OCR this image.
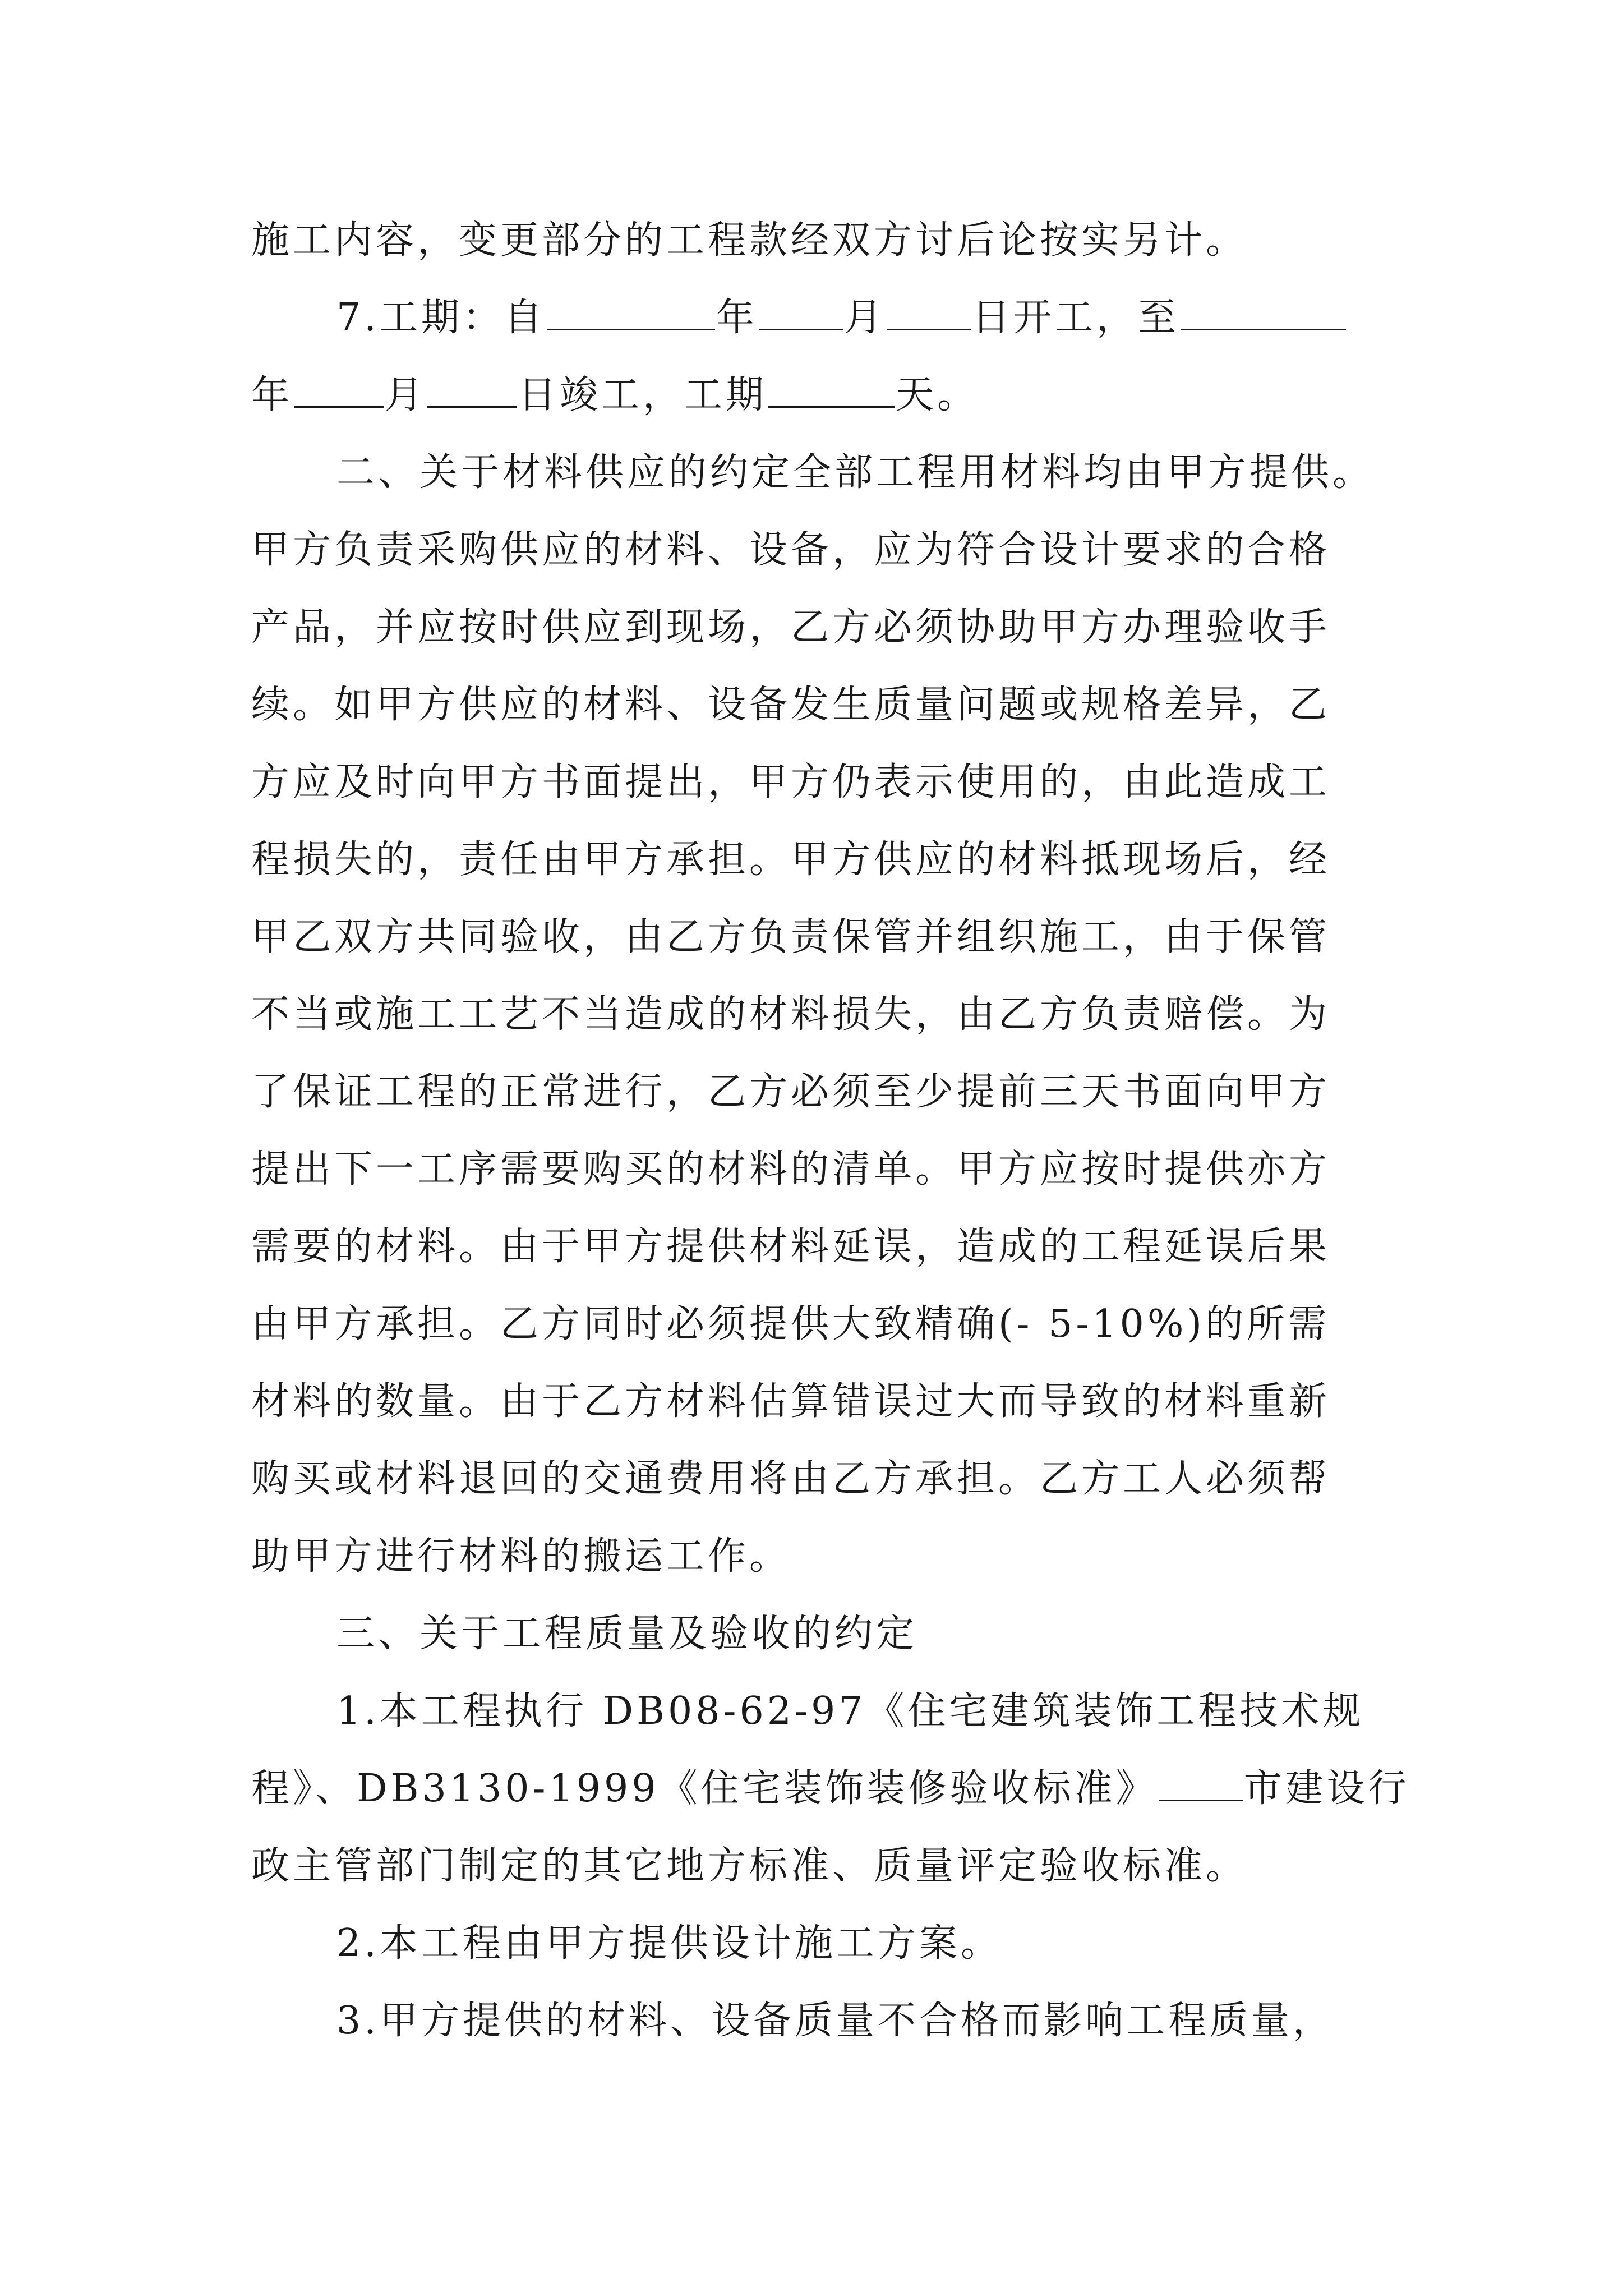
施工内容，变更部分的工程款经双方讨后论按实另计。
7.工期：自	年 月 日开工，至
年 月 日竣工，工期	天。
二、关于材料供应的约定全部工程用材料均由甲方提供。
甲方负责采购供应的材料、设备，应为符合设计要求的合格
产品，并应按时供应到现场，乙方必须协助甲方办理验收手
续。如甲方供应的材料、设备发生质量问题或规格差异，乙
方应及时向甲方书面提出，甲方仍表示使用的，由此造成工
程损失的，责任由甲方承担。甲方供应的材料抵现场后，经
甲乙双方共同验收，由乙方负责保管并组织施工，由于保管
不当或施工工艺不当造成的材料损失，由乙方负责赔偿。为
了保证工程的正常进行，乙方必须至少提前三天书面向甲方
提出下一工序需要购买的材料的清单。甲方应按时提供亦方
需要的材料。由于甲方提供材料延误，造成的工程延误后果
由甲方承担。乙方同时必须提供大致精确(- 5-10%)的所需
材料的数量。由于乙方材料估算错误过大而导致的材料重新
购买或材料退回的交通费用将由乙方承担。乙方工人必须帮
助甲方进行材料的搬运工作。
三、关于工程质量及验收的约定
1.本工程执行 DB08-62-97《住宅建筑装饰工程技术规
程》、DB3130-1999《住宅装饰装修验收标准》 市建设行
政主管部门制定的其它地方标准、质量评定验收标准。
2.本工程由甲方提供设计施工方案。
3.甲方提供的材料、设备质量不合格而影响工程质量，
